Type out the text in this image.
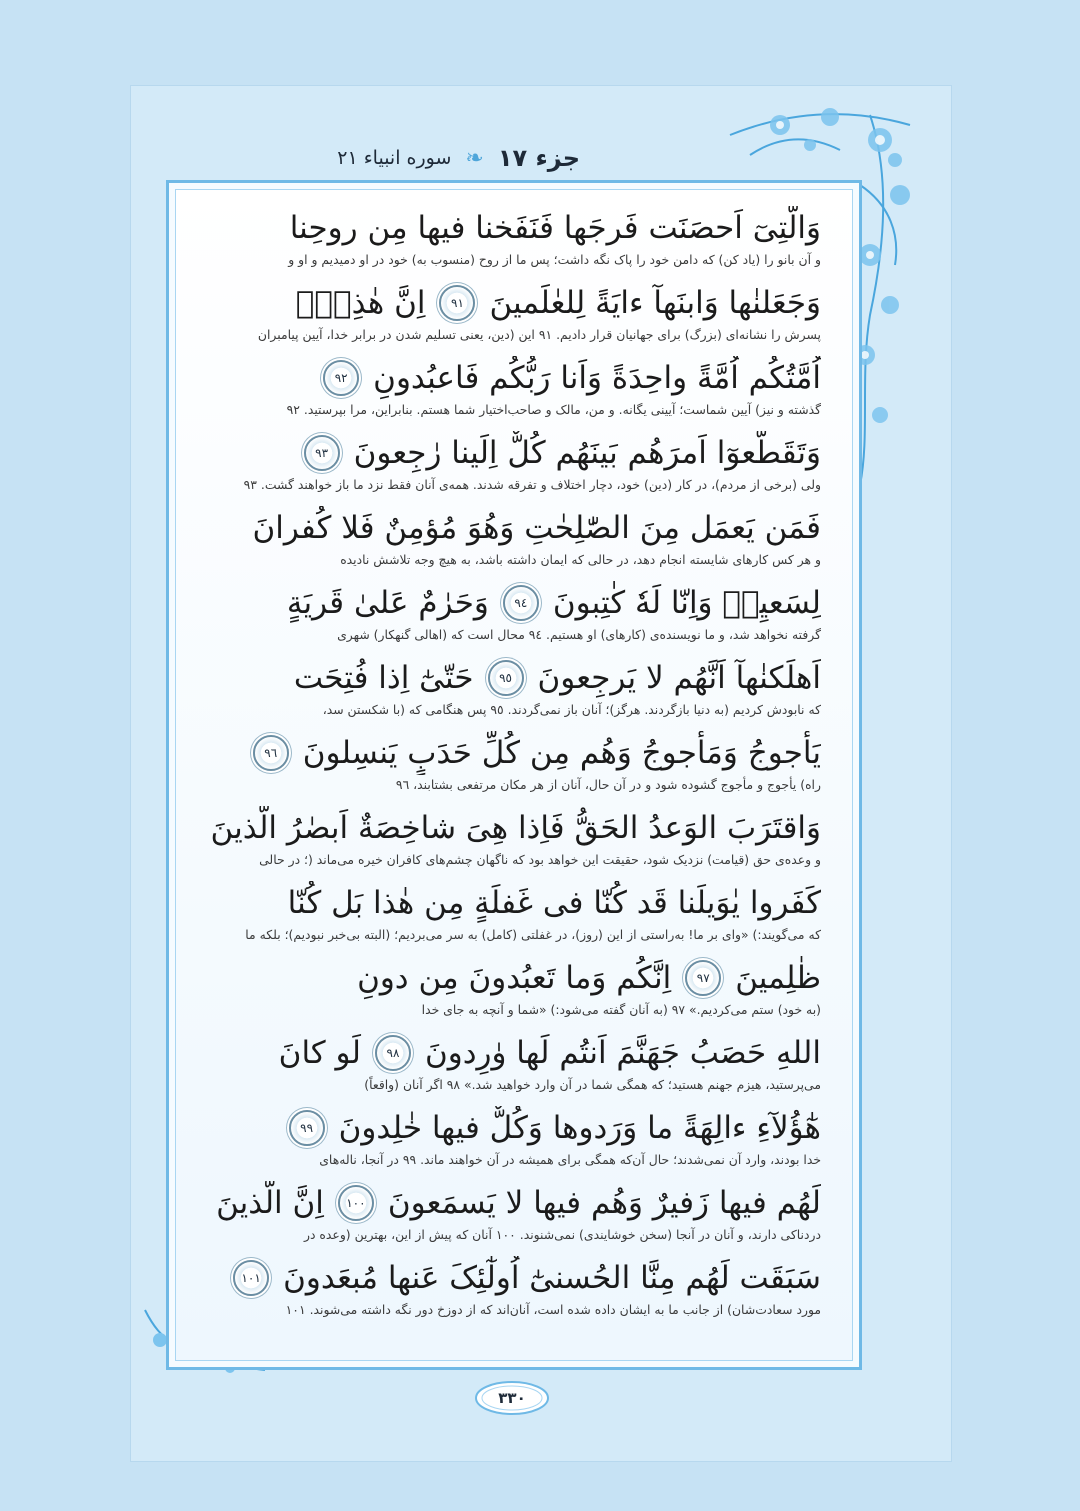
جزء ١٧
❧
سوره انبیاء ٢١
وَالَّتِیٓ اَحصَنَت فَرجَها فَنَفَخنا فیها مِن روحِنا
و آن بانو را (یاد کن) که دامن خود را پاک نگه داشت؛ پس ما از روح (منسوب به) خود در او دمیدیم و او و
وَجَعَلنٰها وَابنَهآ ءایَةً لِلعٰلَمینَ
٩١
اِنَّ هٰذِهٖٓ
پسرش را نشانه‌ای (بزرگ) برای جهانیان قرار دادیم. ٩١ این (دین، یعنی تسلیم شدن در برابر خدا، آیین پیامبران
اُمَّتُکُم اُمَّةً واحِدَةً وَاَنا رَبُّکُم فَاعبُدونِ
٩٢
گذشته و نیز) آیین شماست؛ آیینی یگانه. و من، مالک و صاحب‌اختیار شما هستم. بنابراین، مرا بپرستید. ٩٢
وَتَقَطَّعوٓا اَمرَهُم بَینَهُم کُلٌّ اِلَینا رٰجِعونَ
٩٣
ولی (برخی از مردم)، در کار (دین) خود، دچار اختلاف و تفرقه شدند. همه‌ی آنان فقط نزد ما باز خواهند گشت. ٩٣
فَمَن یَعمَل مِنَ الصّٰلِحٰتِ وَهُوَ مُؤمِنٌ فَلا کُفرانَ
و هر کس کارهای شایسته انجام دهد، در حالی که ایمان داشته باشد، به هیچ وجه تلاشش نادیده
لِسَعیِهٖ وَاِنّا لَهٗ کٰتِبونَ
٩٤
وَحَرٰمٌ عَلیٰ قَریَةٍ
گرفته نخواهد شد، و ما نویسنده‌ی (کارهای) او هستیم. ٩٤ محال است که (اهالی گنهکار) شهری
اَهلَکنٰهآ اَنَّهُم لا یَرجِعونَ
٩٥
حَتّیٰٓ اِذا فُتِحَت
که نابودش کردیم (به دنیا بازگردند. هرگز)؛ آنان باز نمی‌گردند. ٩٥ پس هنگامی که (با شکستن سد،
یَأجوجُ وَمَأجوجُ وَهُم مِن کُلِّ حَدَبٍ یَنسِلونَ
٩٦
راه) یأجوج و مأجوج گشوده شود و در آن حال، آنان از هر مکان مرتفعی بشتابند، ٩٦
وَاقتَرَبَ الوَعدُ الحَقُّ فَاِذا هِیَ شاخِصَةٌ اَبصٰرُ الَّذینَ
و وعده‌ی حق (قیامت) نزدیک شود، حقیقت این خواهد بود که ناگهان چشم‌های کافران خیره می‌ماند (؛ در حالی
کَفَروا یٰوَیلَنا قَد کُنّا فی غَفلَةٍ مِن هٰذا بَل کُنّا
که می‌گویند:) «وای بر ما! به‌راستی از این (روز)، در غفلتی (کامل) به سر می‌بردیم؛ (البته بی‌خبر نبودیم)؛ بلکه ما
ظٰلِمینَ
٩٧
اِنَّکُم وَما تَعبُدونَ مِن دونِ
(به خود) ستم می‌کردیم.» ٩٧ (به آنان گفته می‌شود:) «شما و آنچه به جای خدا
اللهِ حَصَبُ جَهَنَّمَ اَنتُم لَها وٰرِدونَ
٩٨
لَو کانَ
می‌پرستید، هیزم جهنم هستید؛ که همگی شما در آن وارد خواهید شد.» ٩٨ اگر آنان (واقعاً)
هٰٓؤُلآءِ ءالِهَةً ما وَرَدوها وَکُلٌّ فیها خٰلِدونَ
٩٩
خدا بودند، وارد آن نمی‌شدند؛ حال آن‌که همگی برای همیشه در آن خواهند ماند. ٩٩ در آنجا، ناله‌های
لَهُم فیها زَفیرٌ وَهُم فیها لا یَسمَعونَ
١٠٠
اِنَّ الَّذینَ
دردناکی دارند، و آنان در آنجا (سخن خوشایندی) نمی‌شنوند. ١٠٠ آنان که پیش از این، بهترین (وعده در
سَبَقَت لَهُم مِنَّا الحُسنیٰٓ اُولٰٓئِکَ عَنها مُبعَدونَ
١٠١
مورد سعادت‌شان) از جانب ما به ایشان داده شده است، آنان‌اند که از دوزخ دور نگه داشته می‌شوند. ١٠١
٣٣٠
